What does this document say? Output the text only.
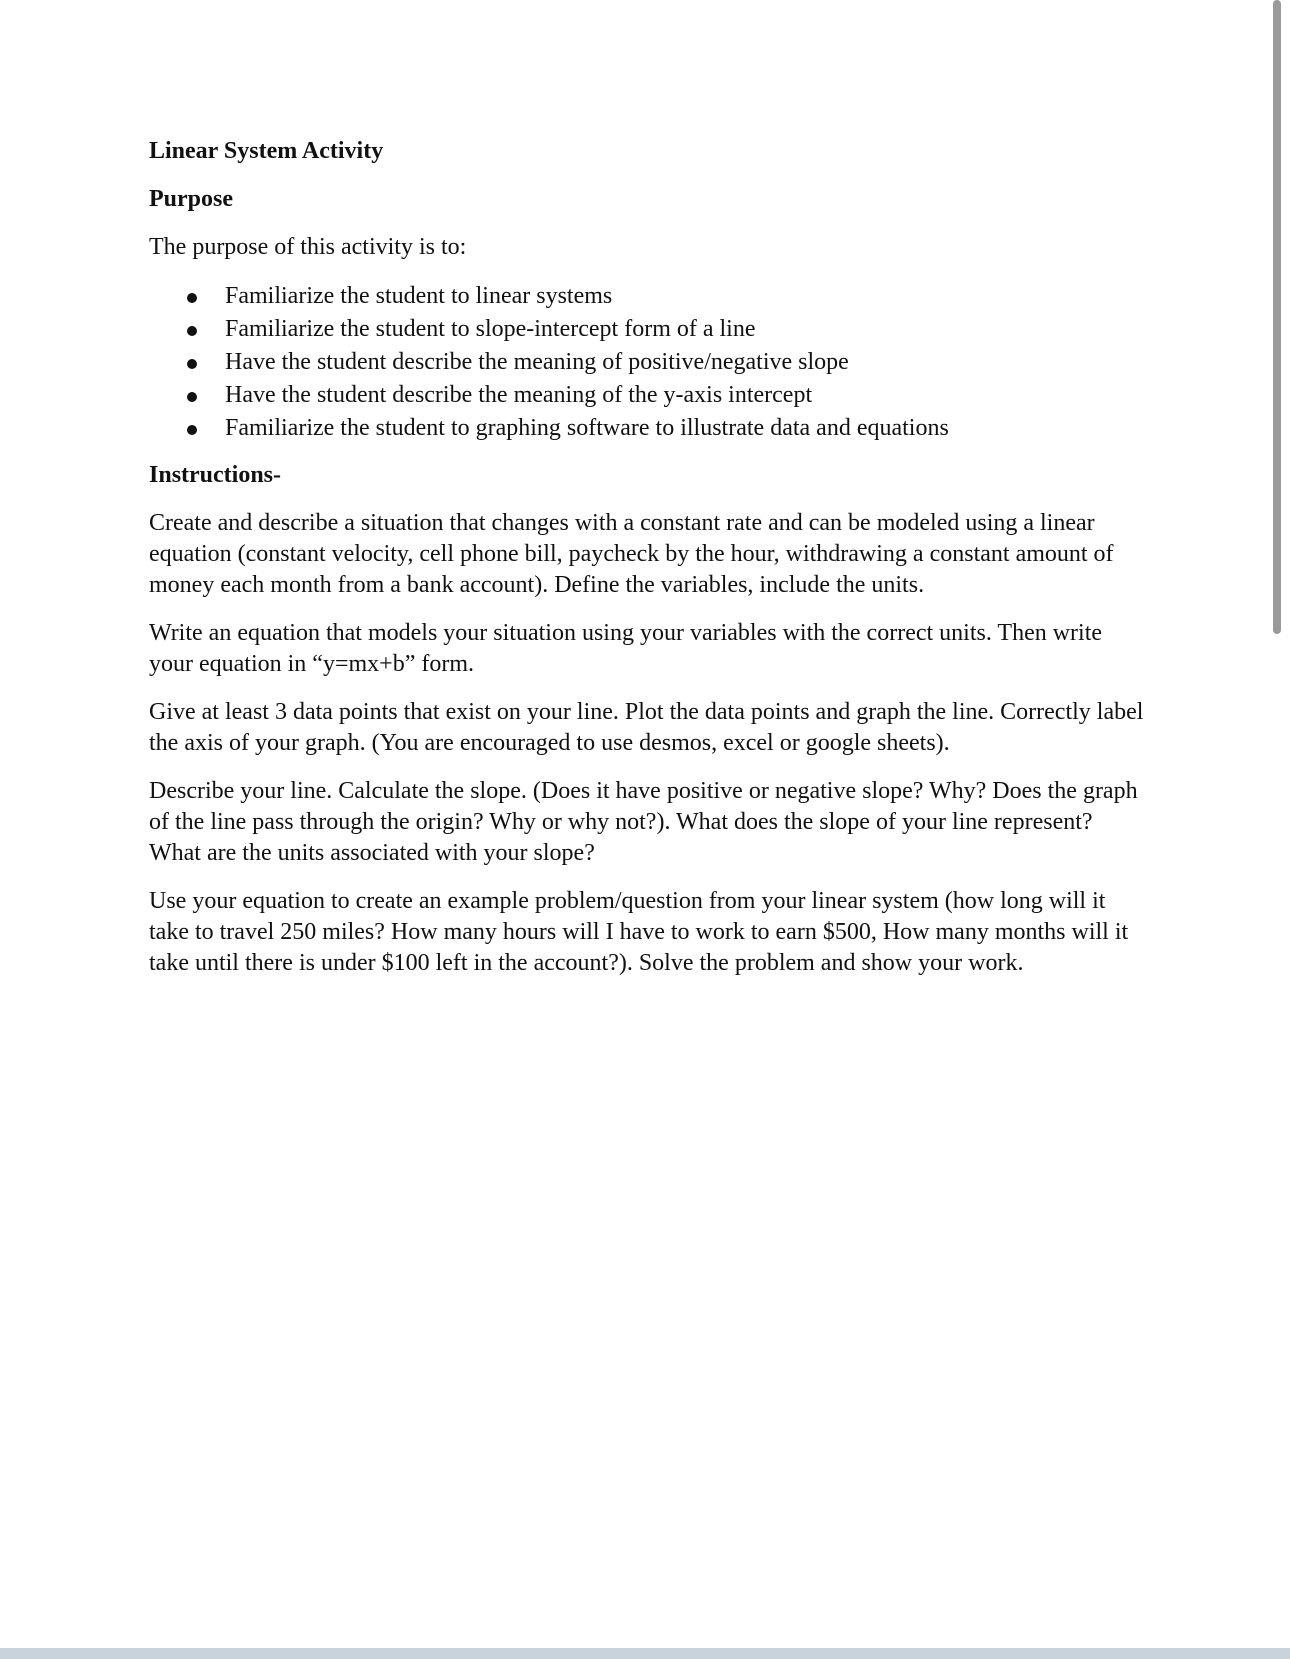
Linear System Activity
Purpose
The purpose of this activity is to:
Familiarize the student to linear systems
Familiarize the student to slope-intercept form of a line
Have the student describe the meaning of positive/negative slope
Have the student describe the meaning of the y-axis intercept
Familiarize the student to graphing software to illustrate data and equations
Instructions-
Create and describe a situation that changes with a constant rate and can be modeled using a linear equation (constant velocity, cell phone bill, paycheck by the hour, withdrawing a constant amount of money each month from a bank account). Define the variables, include the units.
Write an equation that models your situation using your variables with the correct units. Then write your equation in “y=mx+b” form.
Give at least 3 data points that exist on your line. Plot the data points and graph the line. Correctly label the axis of your graph. (You are encouraged to use desmos, excel or google sheets).
Describe your line. Calculate the slope. (Does it have positive or negative slope? Why? Does the graph of the line pass through the origin? Why or why not?). What does the slope of your line represent? What are the units associated with your slope?
Use your equation to create an example problem/question from your linear system (how long will it take to travel 250 miles? How many hours will I have to work to earn $500, How many months will it take until there is under $100 left in the account?). Solve the problem and show your work.
